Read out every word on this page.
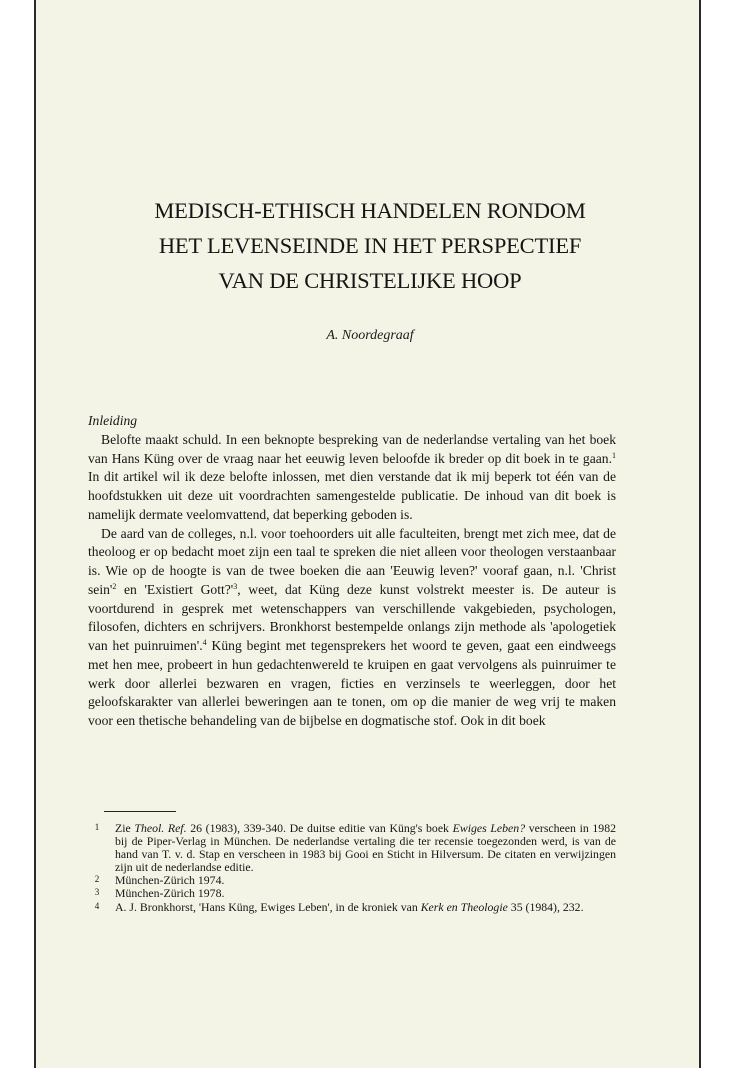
MEDISCH-ETHISCH HANDELEN RONDOM
HET LEVENSEINDE IN HET PERSPECTIEF
VAN DE CHRISTELIJKE HOOP
A. Noordegraaf

Inleiding

Belofte maakt schuld. In een beknopte bespreking van de nederlandse vertaling van het boek van Hans Küng over de vraag naar het eeuwig leven beloofde ik breder op dit boek in te gaan.$^1$ In dit artikel wil ik deze belofte inlossen, met dien verstande dat ik mij beperk tot één van de hoofdstukken uit deze uit voordrachten samengestelde publicatie. De inhoud van dit boek is namelijk dermate veelomvattend, dat beperking geboden is.

De aard van de colleges, n.l. voor toehoorders uit alle faculteiten, brengt met zich mee, dat de theoloog er op bedacht moet zijn een taal te spreken die niet alleen voor theologen verstaanbaar is. Wie op de hoogte is van de twee boeken die aan 'Eeuwig leven?' vooraf gaan, n.l. 'Christ $sein'^2$ en 'Existiert $Gott?'^3$, weet, dat Küng deze kunst volstrekt meester is. De auteur is voortdurend in gesprek met wetenschappers van verschillende vakgebieden, psychologen, filosofen, dichters en schrijvers. Bronkhorst bestempelde onlangs zijn methode als 'apologetiek van het puinruimen'.$^4$ Küng begint met tegensprekers het woord te geven, gaat een eindweegs met hen mee, probeert in hun gedachtenwereld te kruipen en gaat vervolgens als puinruimer te werk door allerlei bezwaren en vragen, ficties en verzinsels te weerleggen, door het geloofskarakter van allerlei beweringen aan te tonen, om op die manier de weg vrij te maken voor een thetische behandeling van de bijbelse en dogmatische stof. Ook in dit boek

1	Zie Theol. Ref. 26 (1983), 339-340. De duitse editie van Küng's boek Ewiges Leben? verscheen in 1982 bij de Piper-Verlag in München. De nederlandse vertaling die ter recensie toegezonden werd, is van de hand van T. v. d. Stap en verscheen in 1983 bij Gooi en Sticht in Hilversum. De citaten en verwijzingen zijn uit de nederlandse editie.

2	München-Zürich 1974.

3	München-Zürich 1978.

4	A. J. Bronkhorst, 'Hans Küng, Ewiges Leben', in de kroniek van Kerk en Theologie 35 (1984), 232.
